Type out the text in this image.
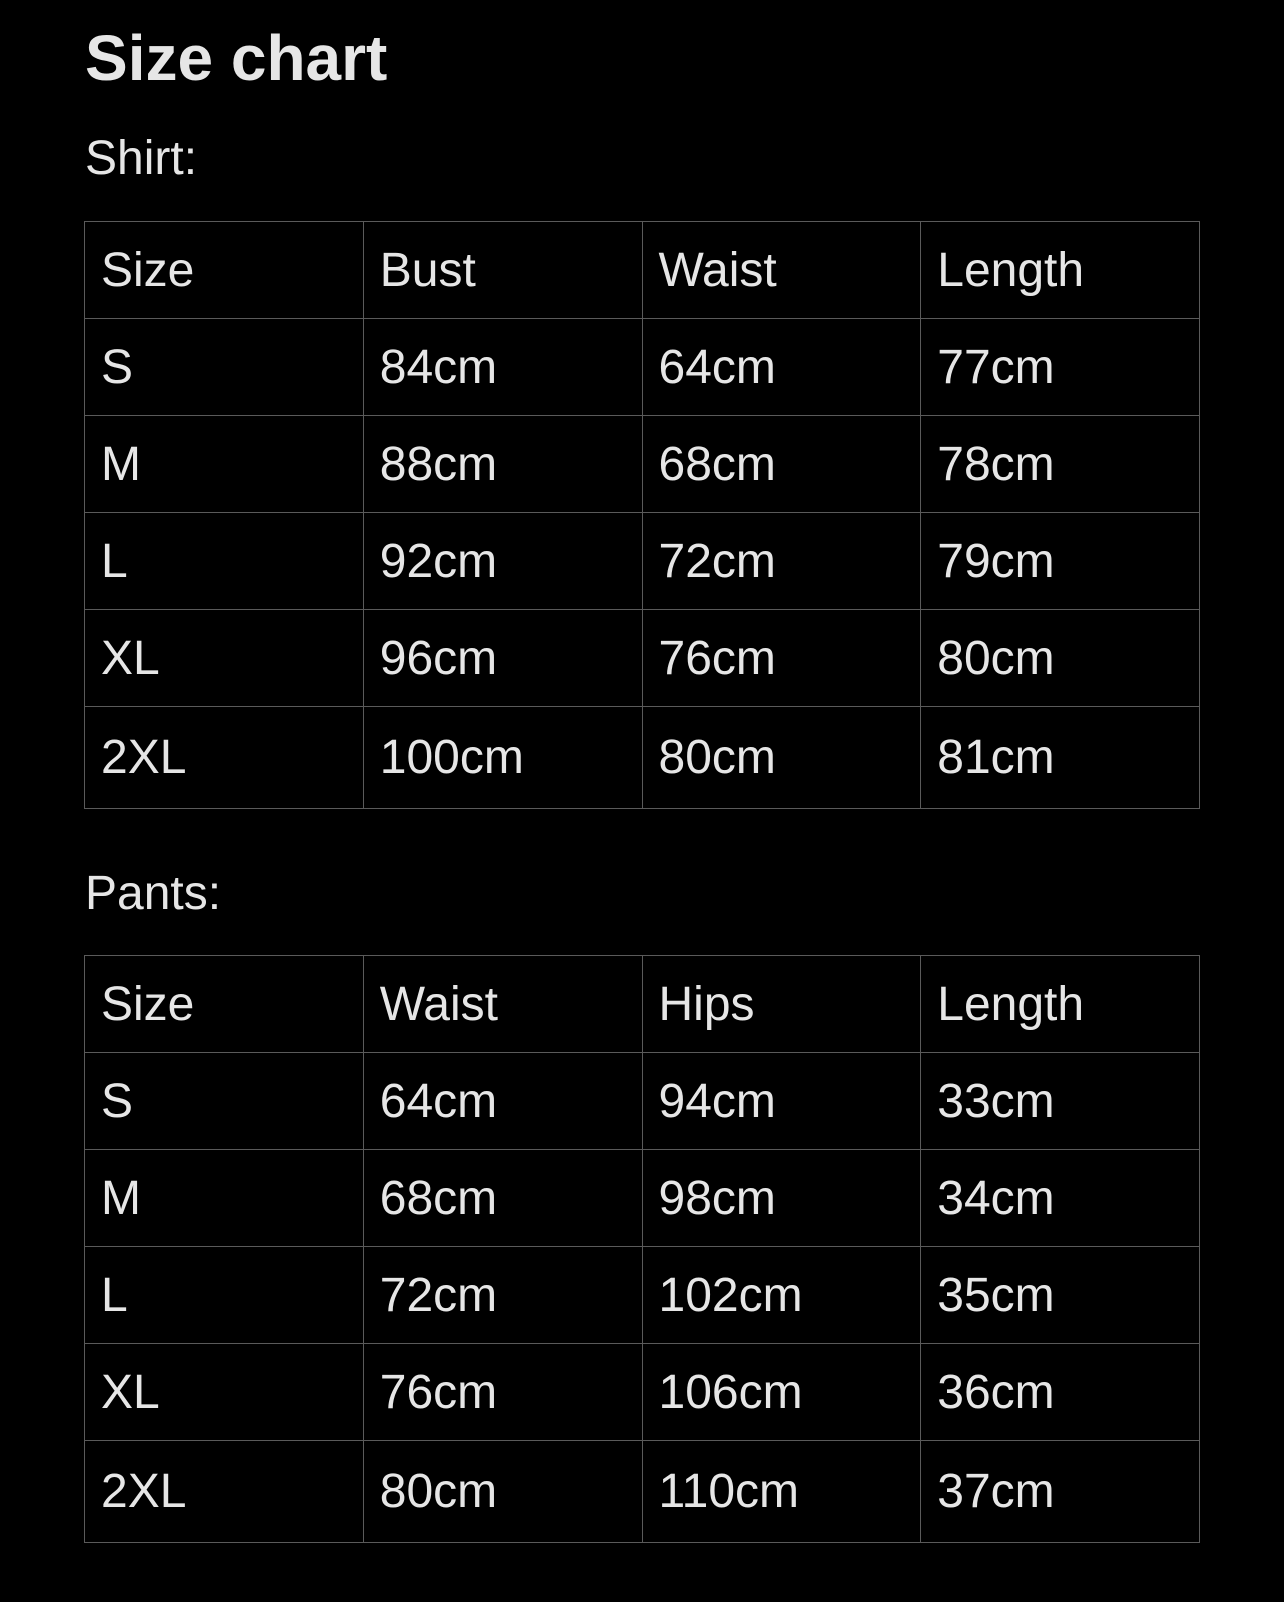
Size chart
Shirt:
Size	Bust	Waist	Length
S	84cm	64cm	77cm
M	88cm	68cm	78cm
L	92cm	72cm	79cm
XL	96cm	76cm	80cm
2XL	100cm	80cm	81cm
Pants:
Size	Waist	Hips	Length
S	64cm	94cm	33cm
M	68cm	98cm	34cm
L	72cm	102cm	35cm
XL	76cm	106cm	36cm
2XL	80cm	110cm	37cm
